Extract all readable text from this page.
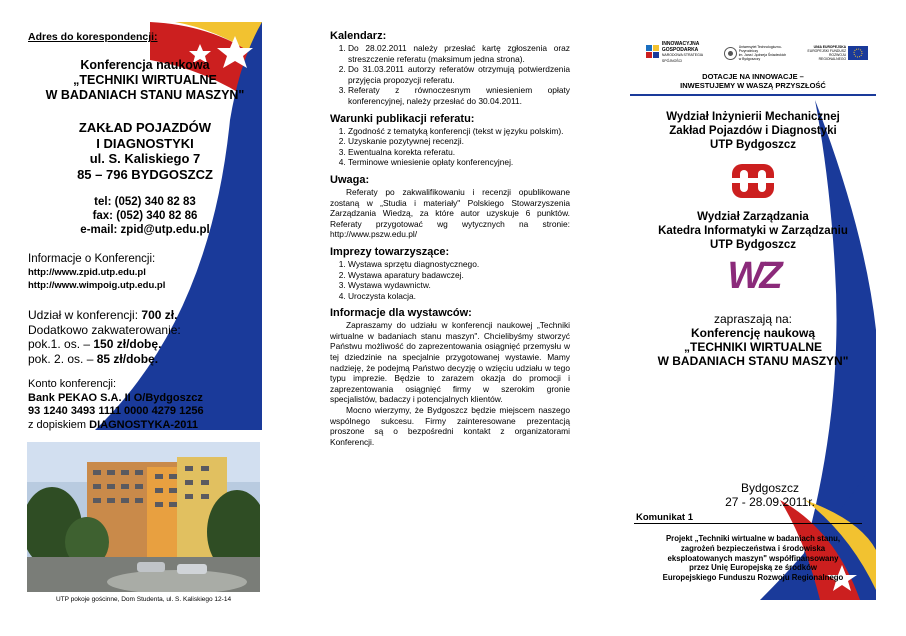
Adres do korespondencji:
Konferencja naukowa
„TECHNIKI WIRTUALNE
W BADANIACH STANU MASZYN"
ZAKŁAD POJAZDÓW
I DIAGNOSTYKI
ul. S. Kaliskiego 7
85 – 796 BYDGOSZCZ
tel: (052) 340 82 83
fax: (052) 340 82 86
e-mail: zpid@utp.edu.pl
Informacje o Konferencji:
http://www.zpid.utp.edu.pl
http://www.wimpoig.utp.edu.pl
Udział w konferencji: 700 zł.
Dodatkowo zakwaterowanie:
pok.1. os. – 150 zł/dobę.
pok. 2. os. – 85 zł/dobę.
Konto konferencji:
Bank PEKAO S.A. II O/Bydgoszcz
93 1240 3493 1111 0000 4279 1256
z dopiskiem DIAGNOSTYKA-2011
UTP pokoje gościnne, Dom Studenta, ul. S. Kaliskiego 12-14
Kalendarz:
1. Do 28.02.2011 należy przesłać kartę zgłoszenia oraz streszczenie referatu (maksimum jedna strona).
2. Do 31.03.2011 autorzy referatów otrzymują potwierdzenia przyjęcia propozycji referatu.
3. Referaty z równoczesnym wniesieniem opłaty konferencyjnej, należy przesłać do 30.04.2011.
Warunki publikacji referatu:
1. Zgodność z tematyką konferencji (tekst w języku polskim).
2. Uzyskanie pozytywnej recenzji.
3. Ewentualna korekta referatu.
4. Terminowe wniesienie opłaty konferencyjnej.
Uwaga:
Referaty po zakwalifikowaniu i recenzji opublikowane zostaną w „Studia i materiały" Polskiego Stowarzyszenia Zarządzania Wiedzą, za które autor uzyskuje 6 punktów. Referaty przygotować wg wytycznych na stronie: http://www.pszw.edu.pl/
Imprezy towarzyszące:
1. Wystawa sprzętu diagnostycznego.
2. Wystawa aparatury badawczej.
3. Wystawa wydawnictw.
4. Uroczysta kolacja.
Informacje dla wystawców:
Zapraszamy do udziału w konferencji naukowej „Techniki wirtualne w badaniach stanu maszyn". Chcielibyśmy stworzyć Państwu możliwość do zaprezentowania osiągnięć przemysłu w tej dziedzinie na specjalnie przygotowanej wystawie. Mamy nadzieję, że podejmą Państwo decyzję o wzięciu udziału w tego typu imprezie. Będzie to zarazem okazja do promocji i zaprezentowania osiągnięć firmy w szerokim gronie specjalistów, badaczy i potencjalnych klientów.
Mocno wierzymy, że Bydgoszcz będzie miejscem naszego wspólnego sukcesu. Firmy zainteresowane prezentacją proszone są o bezpośredni kontakt z organizatorami Konferencji.
INNOWACYJNA
GOSPODARKA
NARODOWA STRATEGIA SPÓJNOŚCI
Uniwersytet Technologiczno-Przyrodniczy
im. Jana i Jędrzeja Śniadeckich
w Bydgoszczy
UNIA EUROPEJSKA
EUROPEJSKI FUNDUSZ
ROZWOJU REGIONALNEGO
DOTACJE NA INNOWACJE –
INWESTUJEMY W WASZĄ PRZYSZŁOŚĆ
Wydział Inżynierii Mechanicznej
Zakład Pojazdów i Diagnostyki
UTP Bydgoszcz
Wydział Zarządzania
Katedra Informatyki w Zarządzaniu
UTP Bydgoszcz
WZ
zapraszają na:
Konferencję naukową
„TECHNIKI WIRTUALNE
W BADANIACH STANU MASZYN"
Bydgoszcz
27 - 28.09.2011r.
Komunikat 1
Projekt „Techniki wirtualne w badaniach stanu,
zagrożeń bezpieczeństwa i środowiska
eksploatowanych maszyn" współfinansowany
przez Unię Europejską ze środków
Europejskiego Funduszu Rozwoju Regionalnego
